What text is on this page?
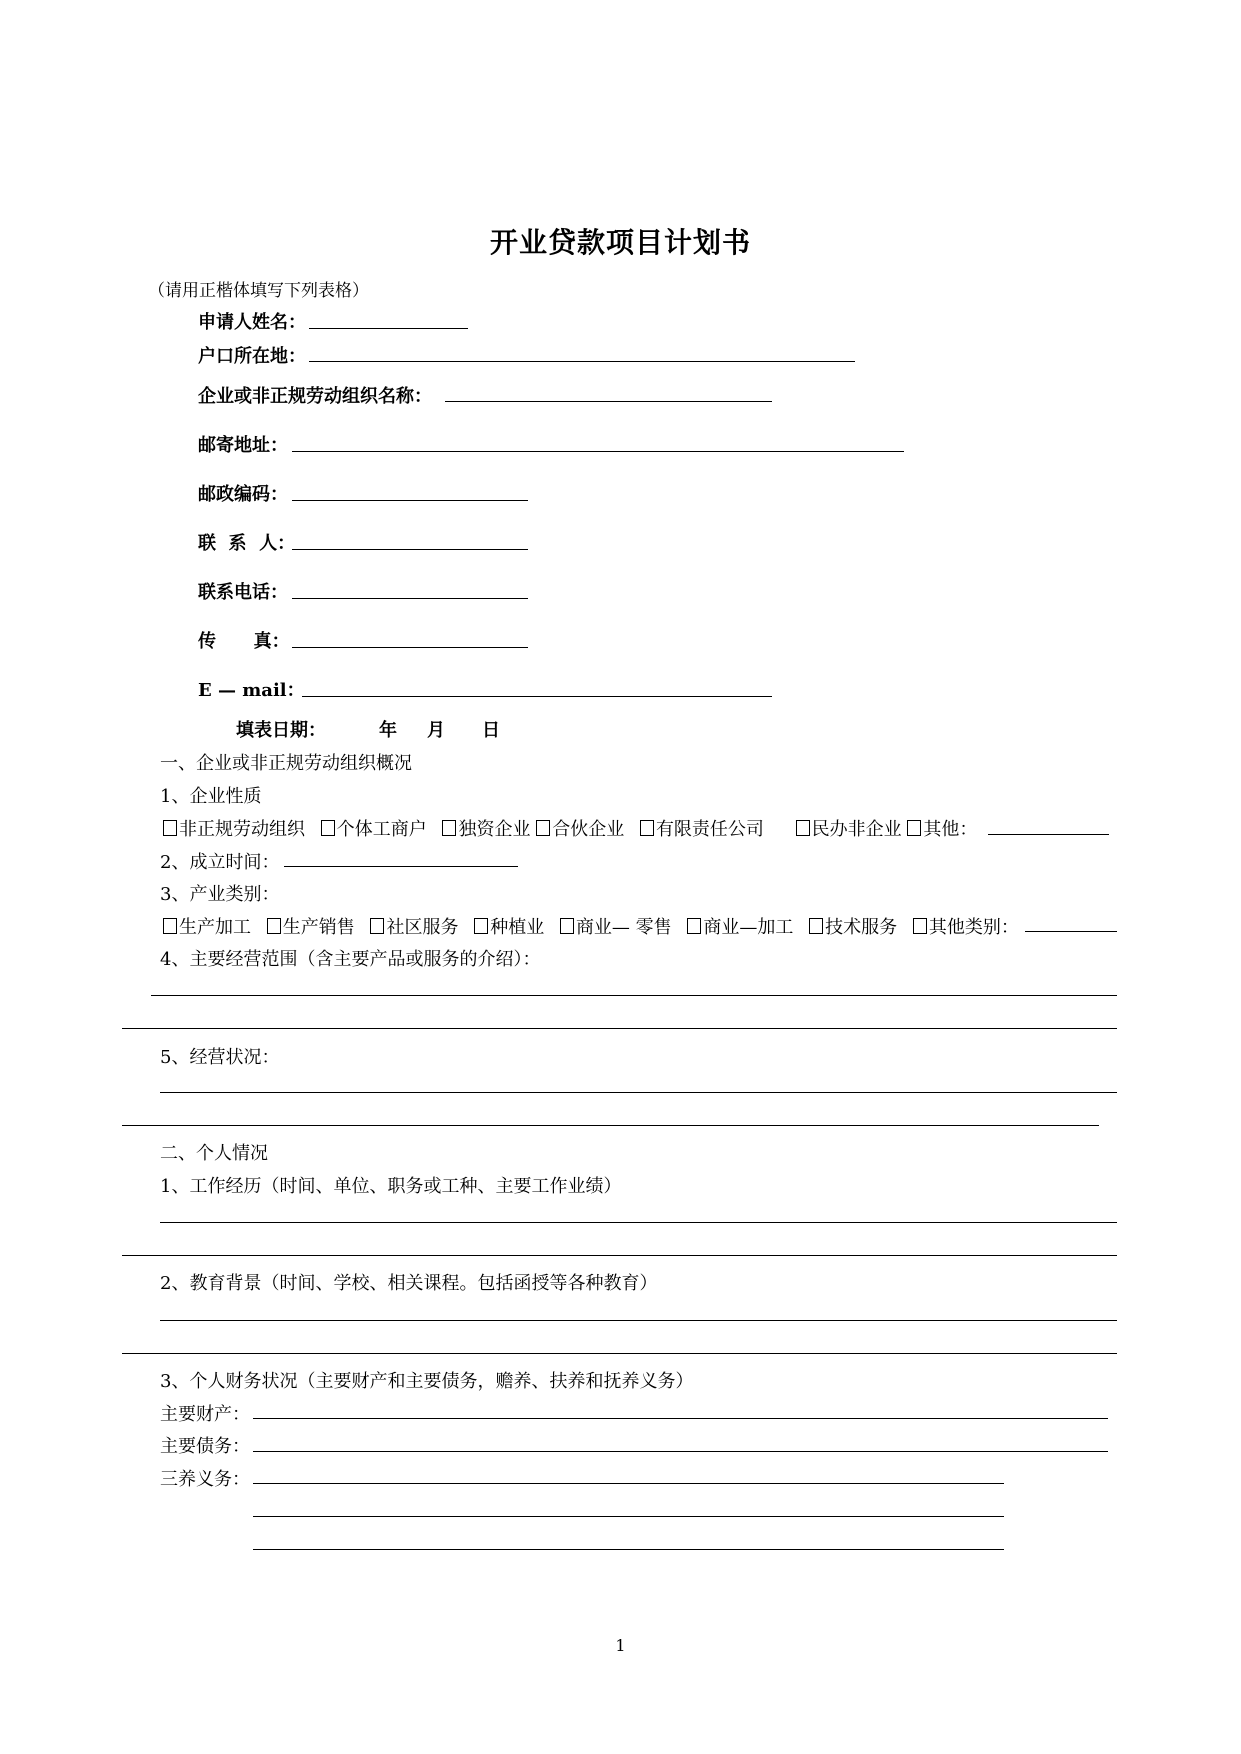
开业贷款项目计划书
（请用正楷体填写下列表格）
申请人姓名：
户口所在地：
企业或非正规劳动组织名称：
邮寄地址：
邮政编码：
联  系  人：
联系电话：
传      真：
E — mail：
填表日期：	年 月 日
一、企业或非正规劳动组织概况
1、企业性质
非正规劳动组织 个体工商户 独资企业 合伙企业 有限责任公司	民办非企业 其他：
2、成立时间：
3、产业类别：
生产加工 生产销售 社区服务 种植业 商业— 零售 商业—加工 技术服务 其他类别：
4、主要经营范围（含主要产品或服务的介绍）：
5、经营状况：
二、个人情况
1、工作经历（时间、单位、职务或工种、主要工作业绩）
2、教育背景（时间、学校、相关课程。包括函授等各种教育）
3、个人财务状况（主要财产和主要债务，赡养、扶养和抚养义务）
主要财产：
主要债务：
三养义务：
1
